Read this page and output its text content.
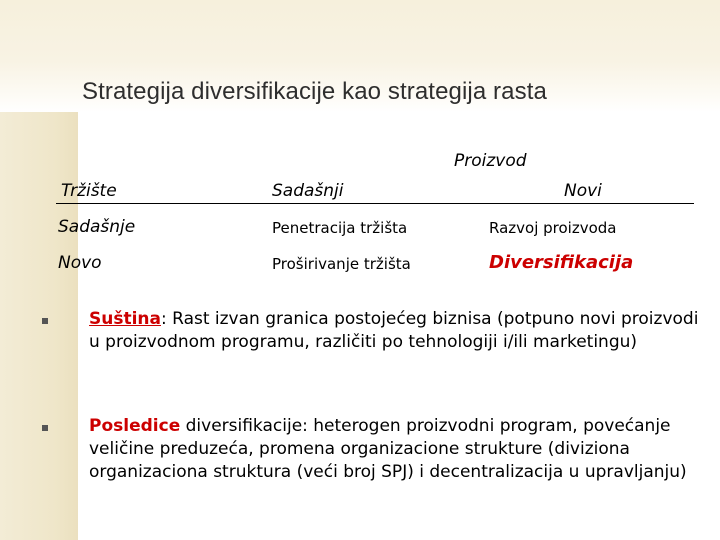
Strategija diversifikacije kao strategija rasta
Proizvod
Tržište	Sadašnji	Novi
Sadašnje	Penetracija tržišta	Razvoj proizvoda
Novo	Proširivanje tržišta	Diversifikacija
Suština: Rast izvan granica postojećeg biznisa (potpuno novi proizvodi u proizvodnom programu, različiti po tehnologiji i/ili marketingu)
Posledice diversifikacije: heterogen proizvodni program, povećanje veličine preduzeća, promena organizacione strukture (diviziona organizaciona struktura (veći broj SPJ) i decentralizacija u upravljanju)
